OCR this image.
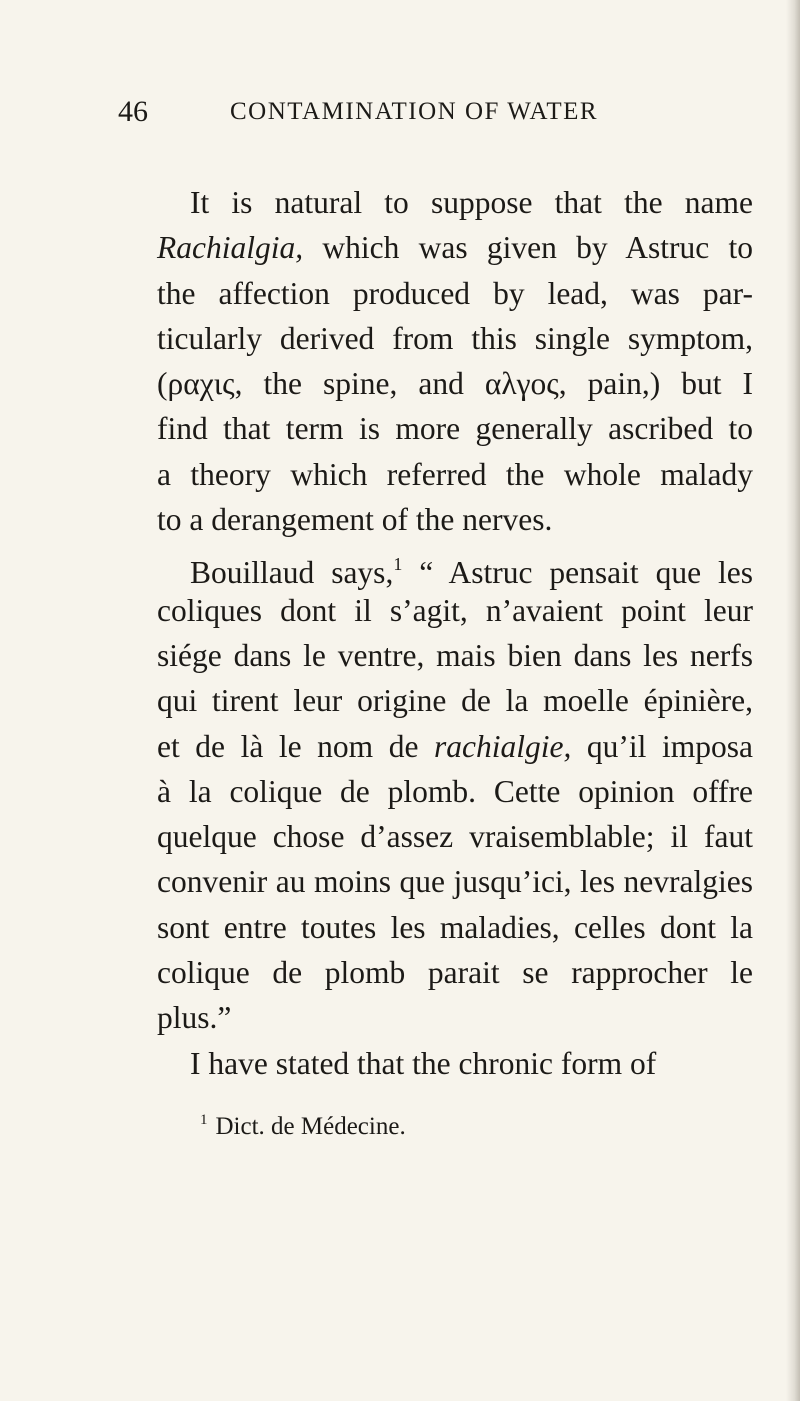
46	CONTAMINATION OF WATER
It is natural to suppose that the name
Rachialgia, which was given by Astruc to
the affection produced by lead, was par-
ticularly derived from this single symptom,
(ραχις, the spine, and αλγος, pain,) but I
find that term is more generally ascribed to
a theory which referred the whole malady
to a derangement of the nerves.
Bouillaud says,$^1$ “ Astruc pensait que les
coliques dont il s’agit, n’avaient point leur
siége dans le ventre, mais bien dans les nerfs
qui tirent leur origine de la moelle épinière,
et de là le nom de rachialgie, qu’il imposa
à la colique de plomb. Cette opinion offre
quelque chose d’assez vraisemblable; il faut
convenir au moins que jusqu’ici, les nevralgies
sont entre toutes les maladies, celles dont la
colique de plomb parait se rapprocher le
plus.”
I have stated that the chronic form of
$^1$ Dict. de Médecine.
